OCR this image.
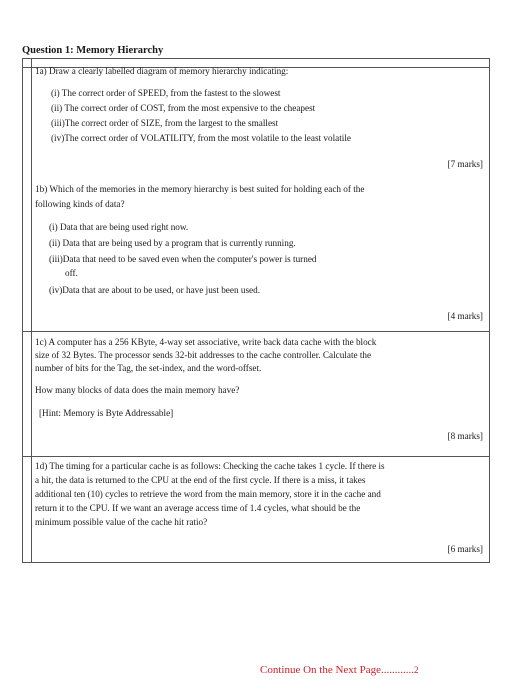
Question 1: Memory Hierarchy
1a) Draw a clearly labelled diagram of memory hierarchy indicating:
(i) The correct order of SPEED, from the fastest to the slowest
(ii) The correct order of COST, from the most expensive to the cheapest
(iii)The correct order of SIZE, from the largest to the smallest
(iv)The correct order of VOLATILITY, from the most volatile to the least volatile
[7 marks]
1b) Which of the memories in the memory hierarchy is best suited for holding each of the
following kinds of data?
(i) Data that are being used right now.
(ii) Data that are being used by a program that is currently running.
(iii)Data that need to be saved even when the computer's power is turned
off.
(iv)Data that are about to be used, or have just been used.
[4 marks]
1c) A computer has a 256 KByte, 4-way set associative, write back data cache with the block
size of 32 Bytes. The processor sends 32-bit addresses to the cache controller. Calculate the
number of bits for the Tag, the set-index, and the word-offset.
How many blocks of data does the main memory have?
[Hint: Memory is Byte Addressable]
[8 marks]
1d) The timing for a particular cache is as follows: Checking the cache takes 1 cycle. If there is
a hit, the data is returned to the CPU at the end of the first cycle. If there is a miss, it takes
additional ten (10) cycles to retrieve the word from the main memory, store it in the cache and
return it to the CPU. If we want an average access time of 1.4 cycles, what should be the
minimum possible value of the cache hit ratio?
[6 marks]
Continue On the Next Page............2
